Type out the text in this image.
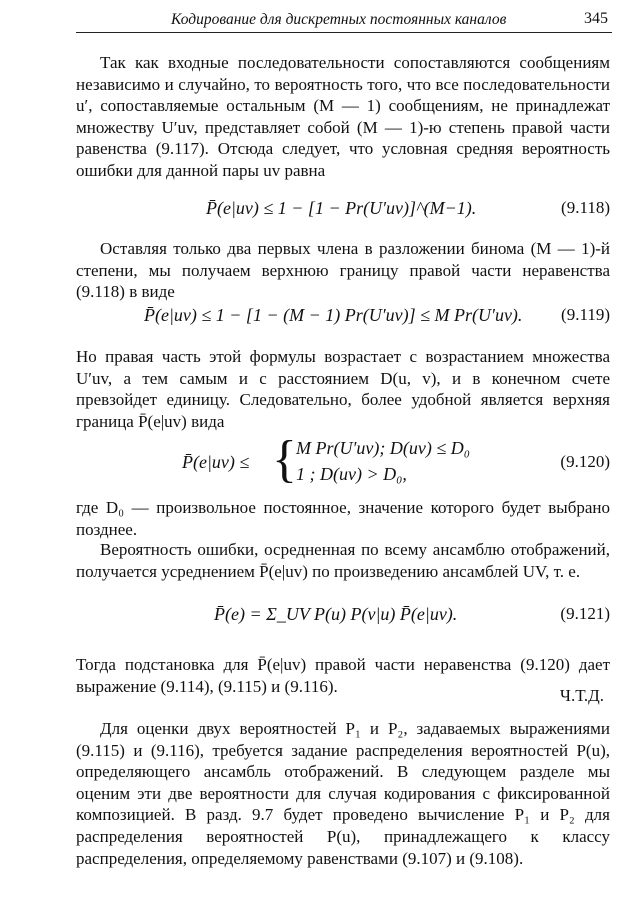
Кодирование для дискретных постоянных каналов	345
Так как входные последовательности сопоставляются сообщениям независимо и случайно, то вероятность того, что все последовательности u′, сопоставляемые остальным (M — 1) сообщениям, не принадлежат множеству U′uv, представляет собой (M — 1)-ю степень правой части равенства (9.117). Отсюда следует, что условная средняя вероятность ошибки для данной пары uv равна
P̄(e|uv) ≤ 1 − [1 − Pr(U′uv)]^(M−1).	(9.118)
Оставляя только два первых члена в разложении бинома (M — 1)-й степени, мы получаем верхнюю границу правой части неравенства (9.118) в виде
P̄(e|uv) ≤ 1 − [1 − (M − 1) Pr(U′uv)] ≤ M Pr(U′uv). (9.119)
Но правая часть этой формулы возрастает с возрастанием множества U′uv, а тем самым и с расстоянием D(u, v), и в конечном счете превзойдет единицу. Следовательно, более удобной является верхняя граница P̄(e|uv) вида
P̄(e|uv) ≤ { M Pr(U′uv); D(uv) ≤ D₀
1 ; D(uv) > D₀,
(9.120)
где D₀ — произвольное постоянное, значение которого будет выбрано позднее.
Вероятность ошибки, осредненная по всему ансамблю отображений, получается усреднением P̄(e|uv) по произведению ансамблей UV, т. е.
P̄(e) = Σ_UV P(u) P(v|u) P̄(e|uv).	(9.121)
Тогда подстановка для P̄(e|uv) правой части неравенства (9.120) дает выражение (9.114), (9.115) и (9.116).	Ч.Т.Д.
Для оценки двух вероятностей P₁ и P₂, задаваемых выражениями (9.115) и (9.116), требуется задание распределения вероятностей P(u), определяющего ансамбль отображений. В следующем разделе мы оценим эти две вероятности для случая кодирования с фиксированной композицией. В разд. 9.7 будет проведено вычисление P₁ и P₂ для распределения вероятностей P(u), принадлежащего к классу распределения, определяемому равенствами (9.107) и (9.108).
